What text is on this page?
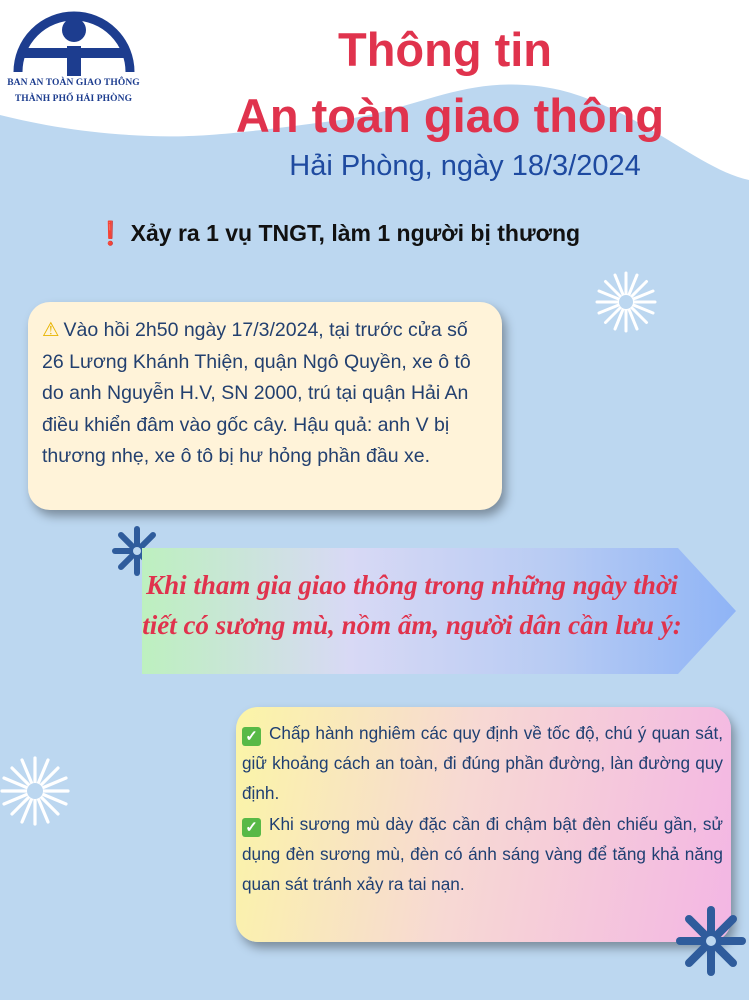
BAN AN TOÀN GIAO THÔNG
THÀNH PHỐ HẢI PHÒNG
Thông tin
An toàn giao thông
Hải Phòng, ngày 18/3/2024
❗ Xảy ra 1 vụ TNGT, làm 1 người bị thương
⚠ Vào hồi 2h50 ngày 17/3/2024, tại trước cửa số 26 Lương Khánh Thiện, quận Ngô Quyền, xe ô tô do anh Nguyễn H.V, SN 2000, trú tại quận Hải An điều khiển đâm vào gốc cây. Hậu quả: anh V bị thương nhẹ, xe ô tô bị hư hỏng phần đầu xe.
Khi tham gia giao thông trong những ngày thời
tiết có sương mù, nồm ẩm, người dân cần lưu ý:
✓ Chấp hành nghiêm các quy định về tốc độ, chú ý quan sát, giữ khoảng cách an toàn, đi đúng phần đường, làn đường quy định.
✓ Khi sương mù dày đặc cần đi chậm bật đèn chiếu gần, sử dụng đèn sương mù, đèn có ánh sáng vàng để tăng khả năng quan sát tránh xảy ra tai nạn.
